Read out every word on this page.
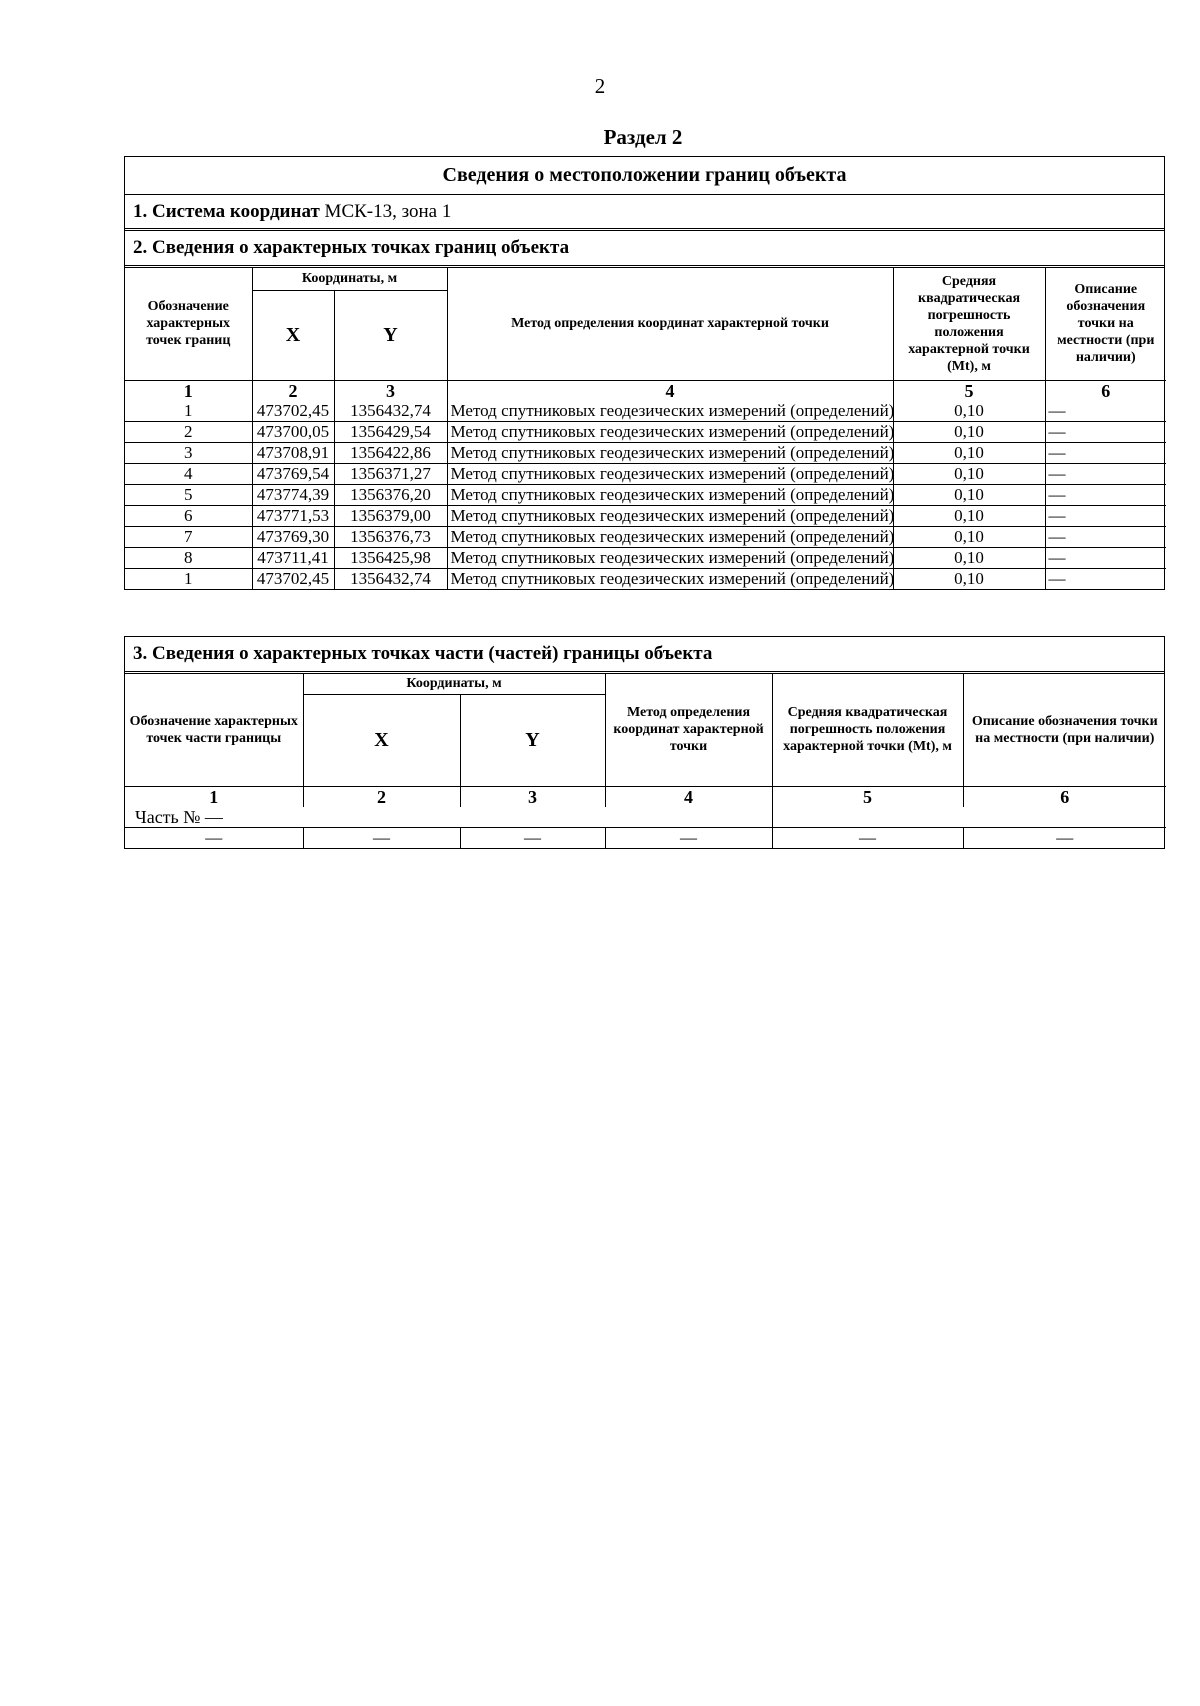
2
Раздел 2
Сведения о местоположении границ объекта
1. Система координат МСК-13, зона 1
2. Сведения о характерных точках границ объекта
Обозначение характерных точек границ	Координаты, м		Метод определения координат характерной точки	Средняя квадратическая погрешность положения характерной точки (Mt), м	Описание обозначения точки на местности (при наличии)
	X	Y			
1	2	3	4	5	6
1	473702,45	1356432,74	Метод спутниковых геодезических измерений (определений)	0,10	—
2	473700,05	1356429,54	Метод спутниковых геодезических измерений (определений)	0,10	—
3	473708,91	1356422,86	Метод спутниковых геодезических измерений (определений)	0,10	—
4	473769,54	1356371,27	Метод спутниковых геодезических измерений (определений)	0,10	—
5	473774,39	1356376,20	Метод спутниковых геодезических измерений (определений)	0,10	—
6	473771,53	1356379,00	Метод спутниковых геодезических измерений (определений)	0,10	—
7	473769,30	1356376,73	Метод спутниковых геодезических измерений (определений)	0,10	—
8	473711,41	1356425,98	Метод спутниковых геодезических измерений (определений)	0,10	—
1	473702,45	1356432,74	Метод спутниковых геодезических измерений (определений)	0,10	—
3. Сведения о характерных точках части (частей) границы объекта
Обозначение характерных точек части границы	Координаты, м		Метод определения координат характерной точки	Средняя квадратическая погрешность положения характерной точки (Mt), м	Описание обозначения точки на местности (при наличии)
	X	Y			
1	2	3	4	5	6
Часть № —					
—	—	—	—	—	—
